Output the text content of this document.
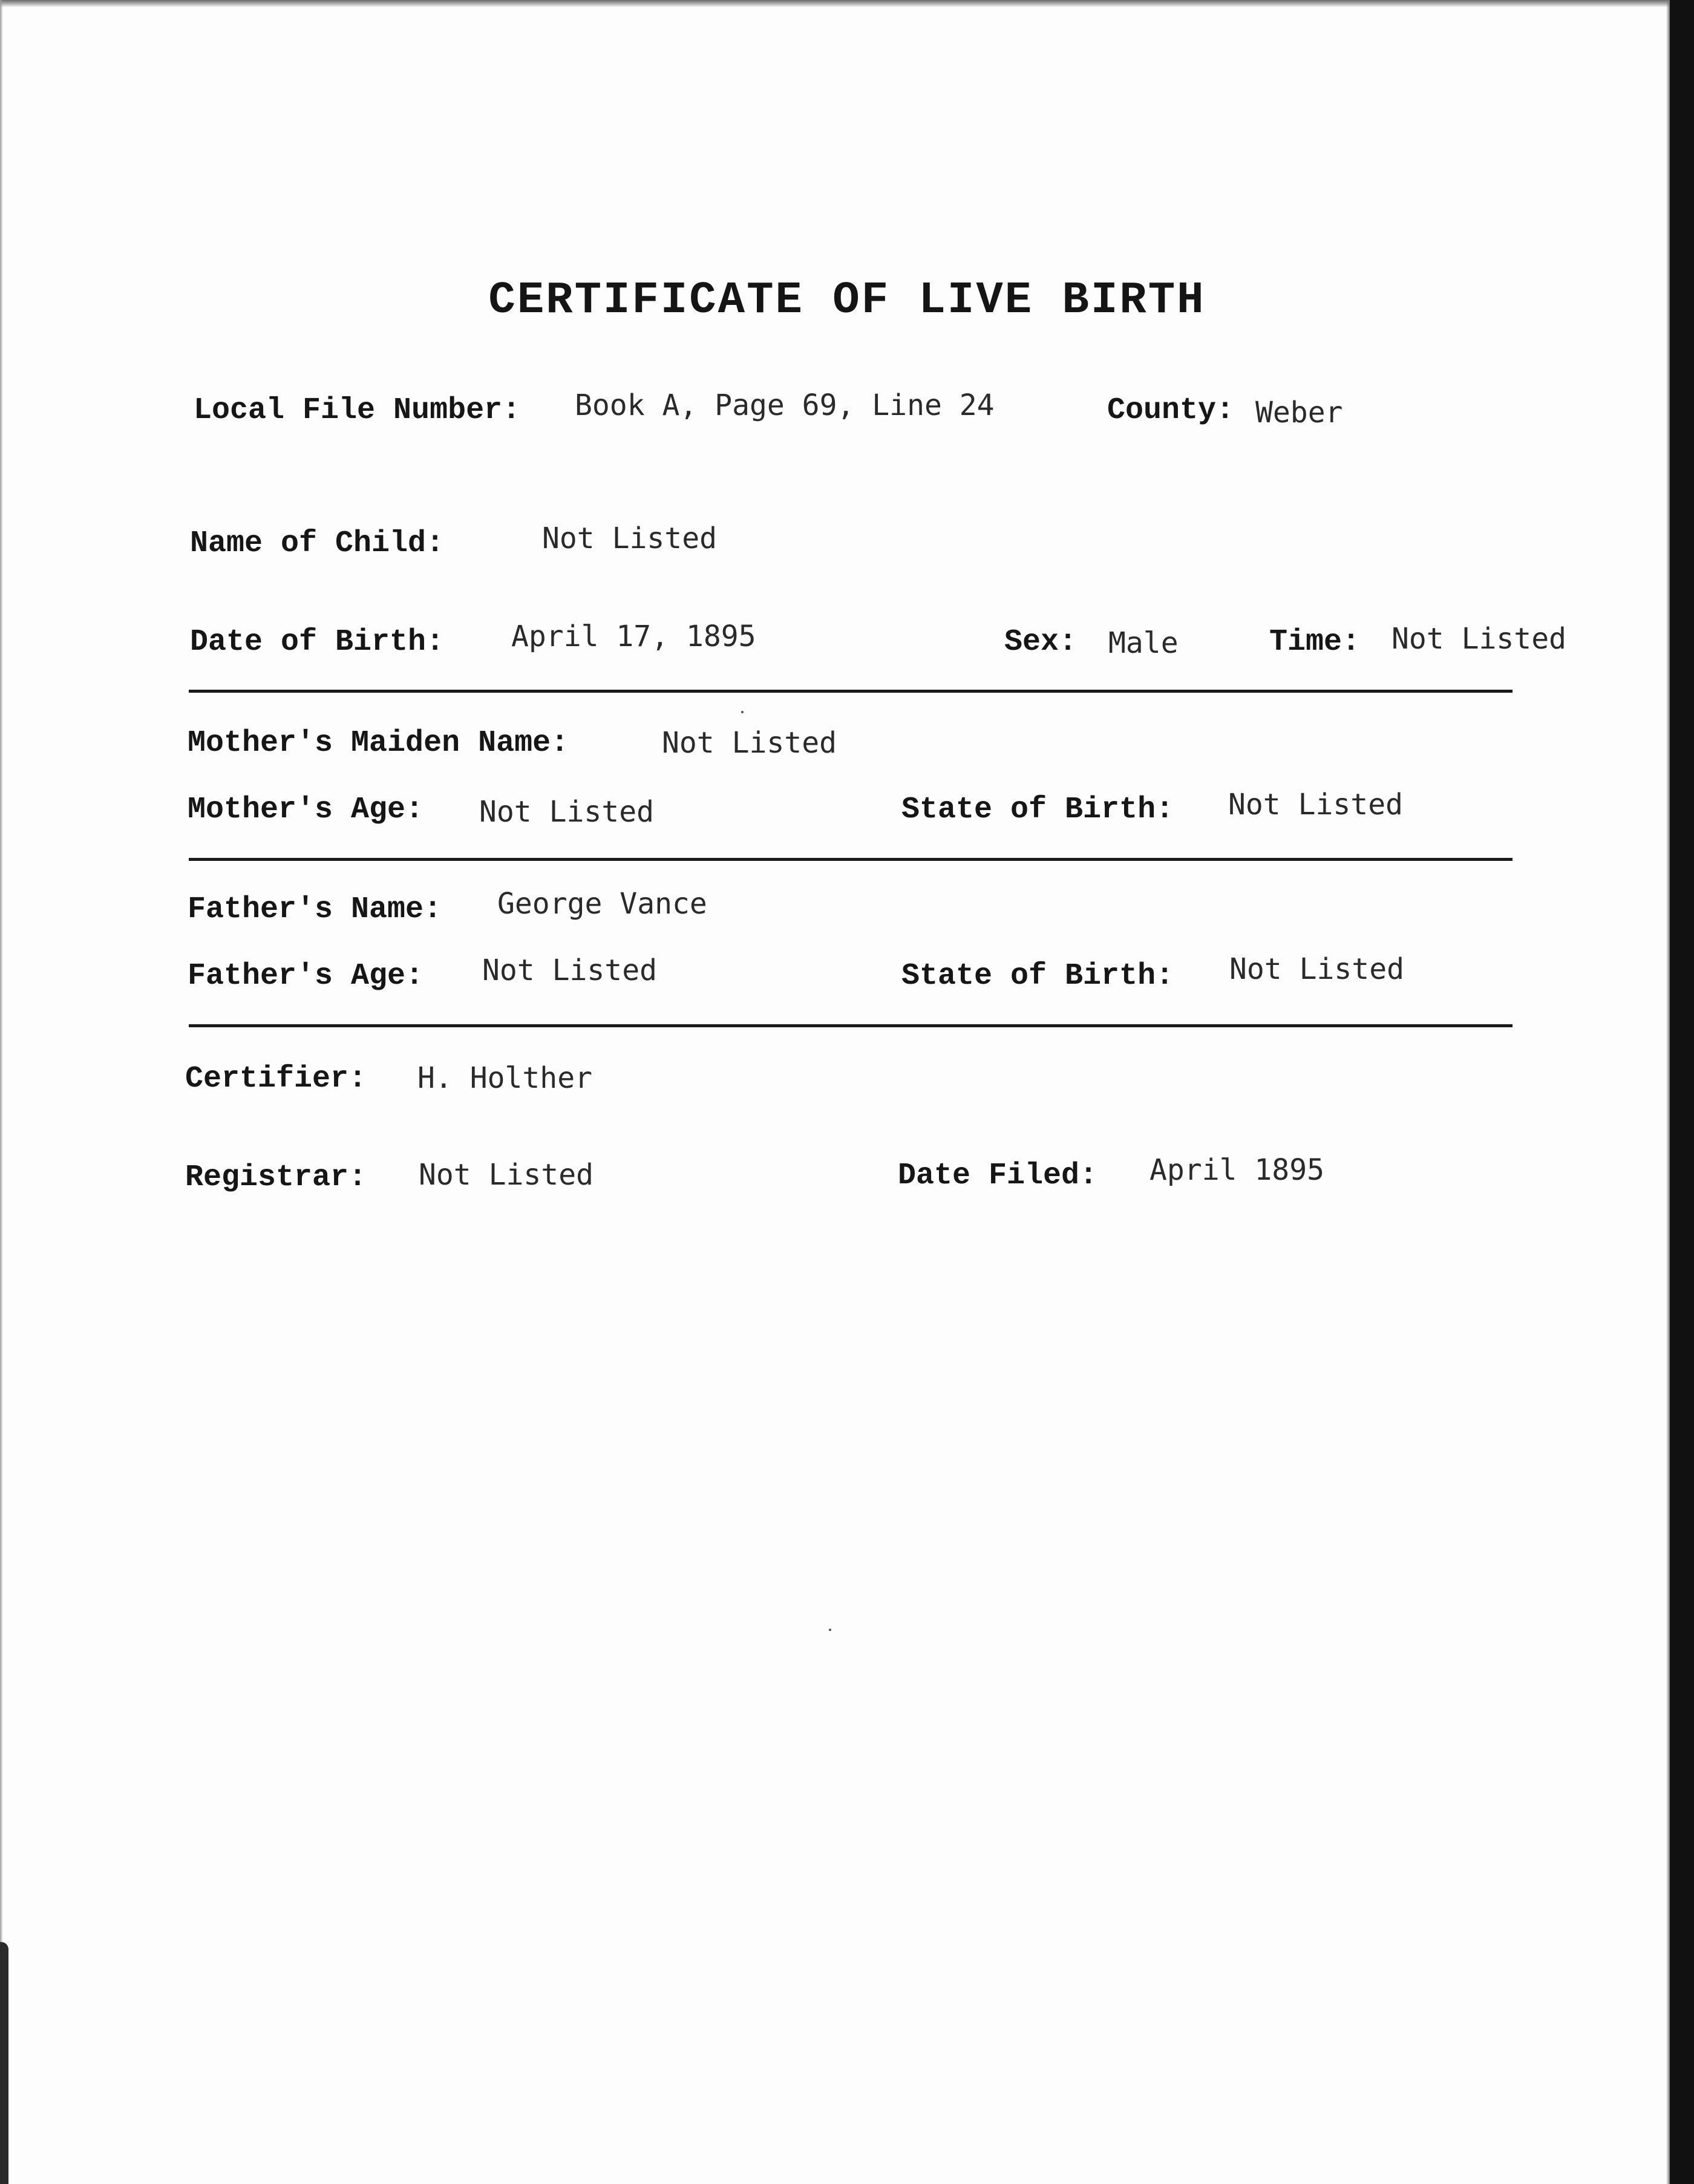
CERTIFICATE OF LIVE BIRTH
Local File Number: Book A, Page 69, Line 24	County: Weber
Name of Child:	Not Listed
Date of Birth: April 17, 1895	Sex: Male	Time: Not Listed
Mother's Maiden Name:	Not Listed
Mother's Age: Not Listed	State of Birth: Not Listed
Father's Name: George Vance
Father's Age: Not Listed	State of Birth: Not Listed
Certifier: H. Holther
Registrar: Not Listed	Date Filed: April 1895
